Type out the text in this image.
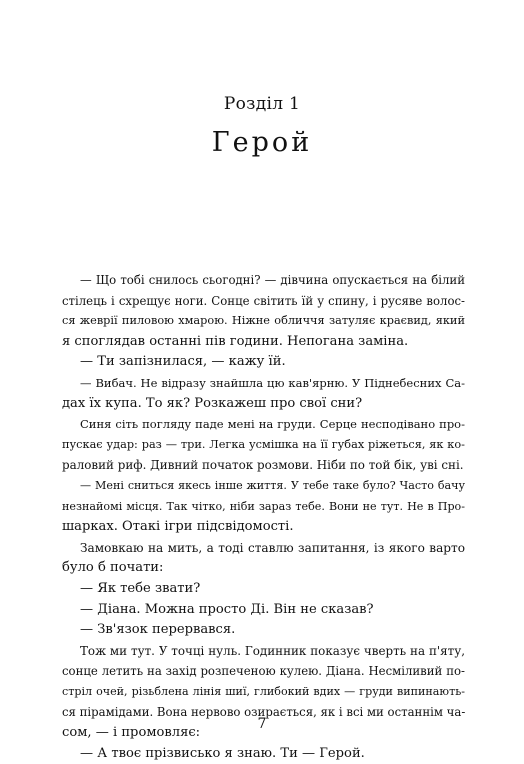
Розділ 1
Герой
— Що тобі снилось сьогодні? — дівчина опускається на білий
стілець і схрещує ноги. Сонце світить їй у спину, і русяве волос-
ся жеврії пиловою хмарою. Ніжне обличчя затуляє краєвид, який
я споглядав останні пів години. Непогана заміна.
— Ти запізнилася, — кажу їй.
— Вибач. Не відразу знайшла цю кав'ярню. У Піднебесних Са-
дах їх купа. То як? Розкажеш про свої сни?
Синя сіть погляду паде мені на груди. Серце несподівано про-
пускає удар: раз — три. Легка усмішка на її губах ріжеться, як ко-
раловий риф. Дивний початок розмови. Ніби по той бік, уві сні.
— Мені сниться якесь інше життя. У тебе таке було? Часто бачу
незнайомі місця. Так чітко, ніби зараз тебе. Вони не тут. Не в Про-
шарках. Отакі ігри підсвідомості.
Замовкаю на мить, а тоді ставлю запитання, із якого варто
було б почати:
— Як тебе звати?
— Діана. Можна просто Ді. Він не сказав?
— Зв'язок перервався.
Тож ми тут. У точці нуль. Годинник показує чверть на п'яту,
сонце летить на захід розпеченою кулею. Діана. Несміливий по-
стріл очей, різьблена лінія шиї, глибокий вдих — груди випинають-
ся пірамідами. Вона нервово озирається, як і всі ми останнім ча-
сом, — і промовляє:
— А твоє прізвисько я знаю. Ти — Герой.
7
